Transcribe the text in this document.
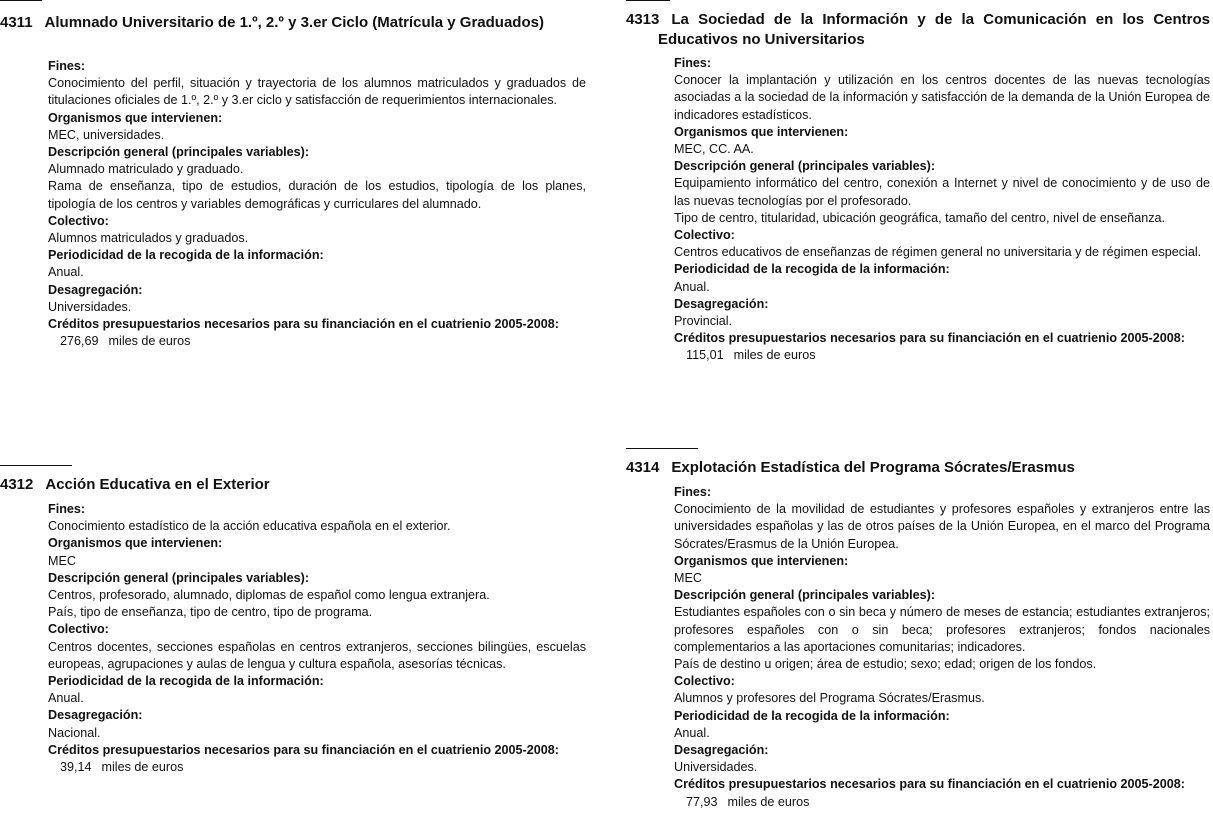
4311 Alumnado Universitario de 1.º, 2.º y 3.er Ciclo (Matrícula y Graduados)

Fines:

Conocimiento del perfil, situación y trayectoria de los alumnos matriculados y graduados de titulaciones oficiales de 1.º, 2.º y 3.er ciclo y satisfacción de requerimientos internacionales.

Organismos que intervienen:

MEC, universidades.

Descripción general (principales variables):

Alumnado matriculado y graduado.

Rama de enseñanza, tipo de estudios, duración de los estudios, tipología de los planes, tipología de los centros y variables demográficas y curriculares del alumnado.

Colectivo:

Alumnos matriculados y graduados.

Periodicidad de la recogida de la información:

Anual.

Desagregación:

Universidades.

Créditos presupuestarios necesarios para su financiación en el cuatrienio 2005-2008:

276,69 miles de euros

4312 Acción Educativa en el Exterior

Fines:

Conocimiento estadístico de la acción educativa española en el exterior.

Organismos que intervienen:

MEC

Descripción general (principales variables):

Centros, profesorado, alumnado, diplomas de español como lengua extranjera.

País, tipo de enseñanza, tipo de centro, tipo de programa.

Colectivo:

Centros docentes, secciones españolas en centros extranjeros, secciones bilingües, escuelas europeas, agrupaciones y aulas de lengua y cultura española, asesorías técnicas.

Periodicidad de la recogida de la información:

Anual.

Desagregación:

Nacional.

Créditos presupuestarios necesarios para su financiación en el cuatrienio 2005-2008:

39,14 miles de euros

4313 La Sociedad de la Información y de la Comunicación en los Centros Educativos no Universitarios

Fines:

Conocer la implantación y utilización en los centros docentes de las nuevas tecnologías asociadas a la sociedad de la información y satisfacción de la demanda de la Unión Europea de indicadores estadísticos.

Organismos que intervienen:

MEC, CC. AA.

Descripción general (principales variables):

Equipamiento informático del centro, conexión a Internet y nivel de conocimiento y de uso de las nuevas tecnologías por el profesorado.

Tipo de centro, titularidad, ubicación geográfica, tamaño del centro, nivel de enseñanza.

Colectivo:

Centros educativos de enseñanzas de régimen general no universitaria y de régimen especial.

Periodicidad de la recogida de la información:

Anual.

Desagregación:

Provincial.

Créditos presupuestarios necesarios para su financiación en el cuatrienio 2005-2008:

115,01 miles de euros

4314 Explotación Estadística del Programa Sócrates/Erasmus

Fines:

Conocimiento de la movilidad de estudiantes y profesores españoles y extranjeros entre las universidades españolas y las de otros países de la Unión Europea, en el marco del Programa Sócrates/Erasmus de la Unión Europea.

Organismos que intervienen:

MEC

Descripción general (principales variables):

Estudiantes españoles con o sin beca y número de meses de estancia; estudiantes extranjeros; profesores españoles con o sin beca; profesores extranjeros; fondos nacionales complementarios a las aportaciones comunitarias; indicadores.

País de destino u origen; área de estudio; sexo; edad; origen de los fondos.

Colectivo:

Alumnos y profesores del Programa Sócrates/Erasmus.

Periodicidad de la recogida de la información:

Anual.

Desagregación:

Universidades.

Créditos presupuestarios necesarios para su financiación en el cuatrienio 2005-2008:

77,93 miles de euros
